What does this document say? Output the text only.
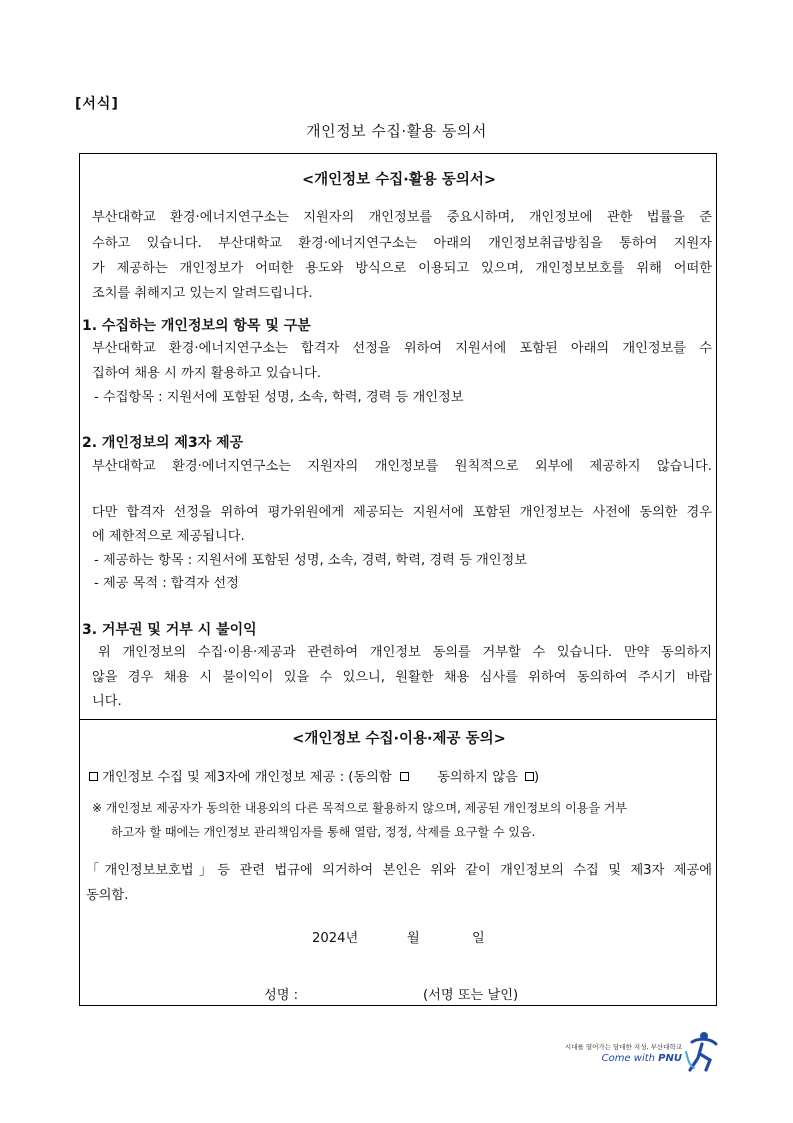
[서식]
개인정보 수집·활용 동의서
<개인정보 수집·활용 동의서>
부산대학교 환경·에너지연구소는 지원자의 개인정보를 중요시하며, 개인정보에 관한 법률을 준
수하고 있습니다. 부산대학교 환경·에너지연구소는 아래의 개인정보취급방침을 통하여 지원자
가 제공하는 개인정보가 어떠한 용도와 방식으로 이용되고 있으며, 개인정보보호를 위해 어떠한
조치를 취해지고 있는지 알려드립니다.
1. 수집하는 개인정보의 항목 및 구분
부산대학교 환경·에너지연구소는 합격자 선정을 위하여 지원서에 포함된 아래의 개인정보를 수
집하여 채용 시 까지 활용하고 있습니다.
- 수집항목 : 지원서에 포함된 성명, 소속, 학력, 경력 등 개인정보
2. 개인정보의 제3자 제공
부산대학교 환경·에너지연구소는 지원자의 개인정보를 원칙적으로 외부에 제공하지 않습니다.
다만 합격자 선정을 위하여 평가위원에게 제공되는 지원서에 포함된 개인정보는 사전에 동의한 경우
에 제한적으로 제공됩니다.
- 제공하는 항목 : 지원서에 포함된 성명, 소속, 경력, 학력, 경력 등 개인정보
- 제공 목적 : 합격자 선정
3. 거부권 및 거부 시 불이익
위 개인정보의 수집·이용·제공과 관련하여 개인정보 동의를 거부할 수 있습니다. 만약 동의하지
않을 경우 채용 시 불이익이 있을 수 있으니, 원활한 채용 심사를 위하여 동의하여 주시기 바랍
니다.
<개인정보 수집·이용·제공 동의>
개인정보 수집 및 제3자에 개인정보 제공 : (동의함	동의하지 않음 )
※ 개인정보 제공자가 동의한 내용외의 다른 목적으로 활용하지 않으며, 제공된 개인정보의 이용을 거부
하고자 할 때에는 개인정보 관리책임자를 통해 열람, 정정, 삭제를 요구할 수 있음.
「개인정보보호법」등 관련 법규에 의거하여 본인은 위와 같이 개인정보의 수집 및 제3자 제공에
동의함.
2024년	월	일
성명 :	(서명 또는 날인)
시대를 열어가는 담대한 지성, 부산대학교
Come with PNU
